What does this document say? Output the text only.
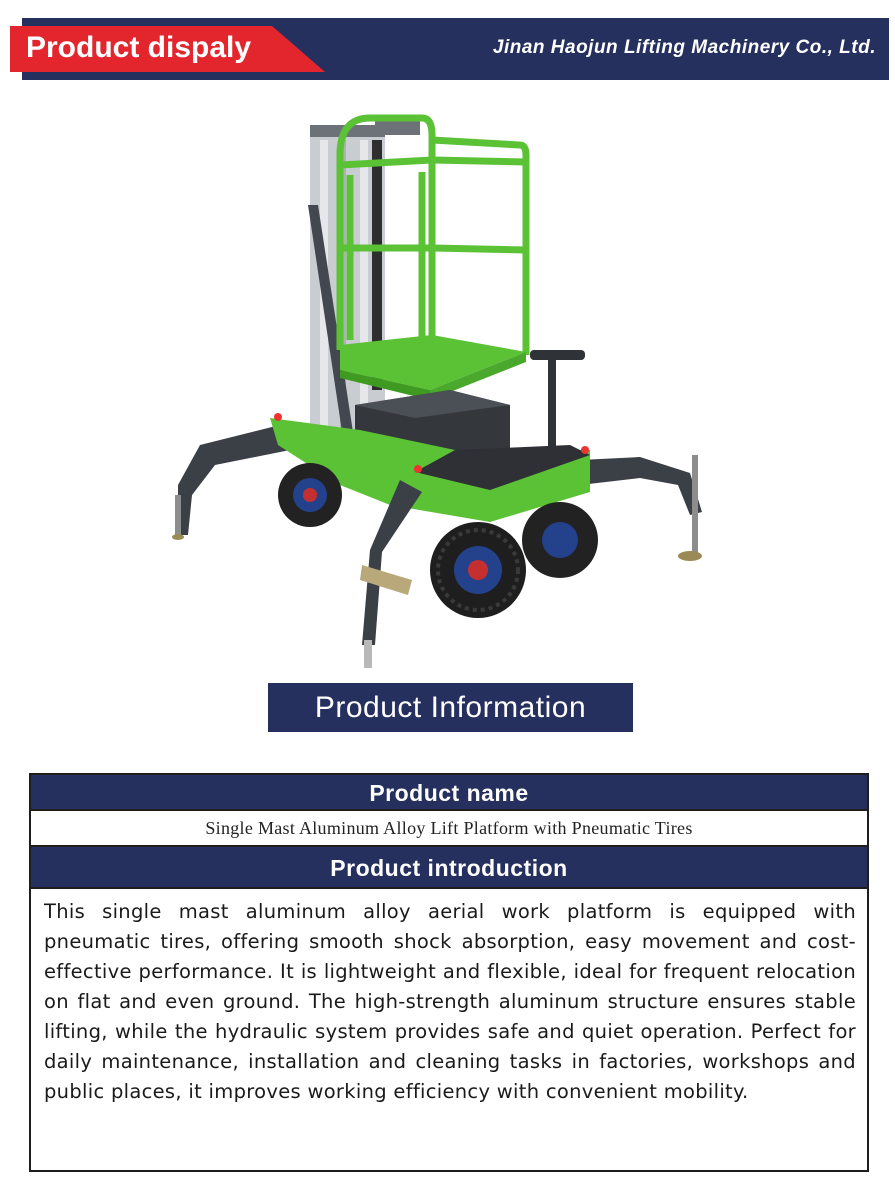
Product dispaly	Jinan Haojun Lifting Machinery Co., Ltd.
Product Information
Product name
Single Mast Aluminum Alloy Lift Platform with Pneumatic Tires
Product introduction
This single mast aluminum alloy aerial work platform is equipped with pneumatic tires, offering smooth shock absorption, easy movement and cost-effective performance. It is lightweight and flexible, ideal for frequent relocation on flat and even ground. The high-strength aluminum structure ensures stable lifting, while the hydraulic system provides safe and quiet operation. Perfect for daily maintenance, installation and cleaning tasks in factories, workshops and public places, it improves working efficiency with convenient mobility.
